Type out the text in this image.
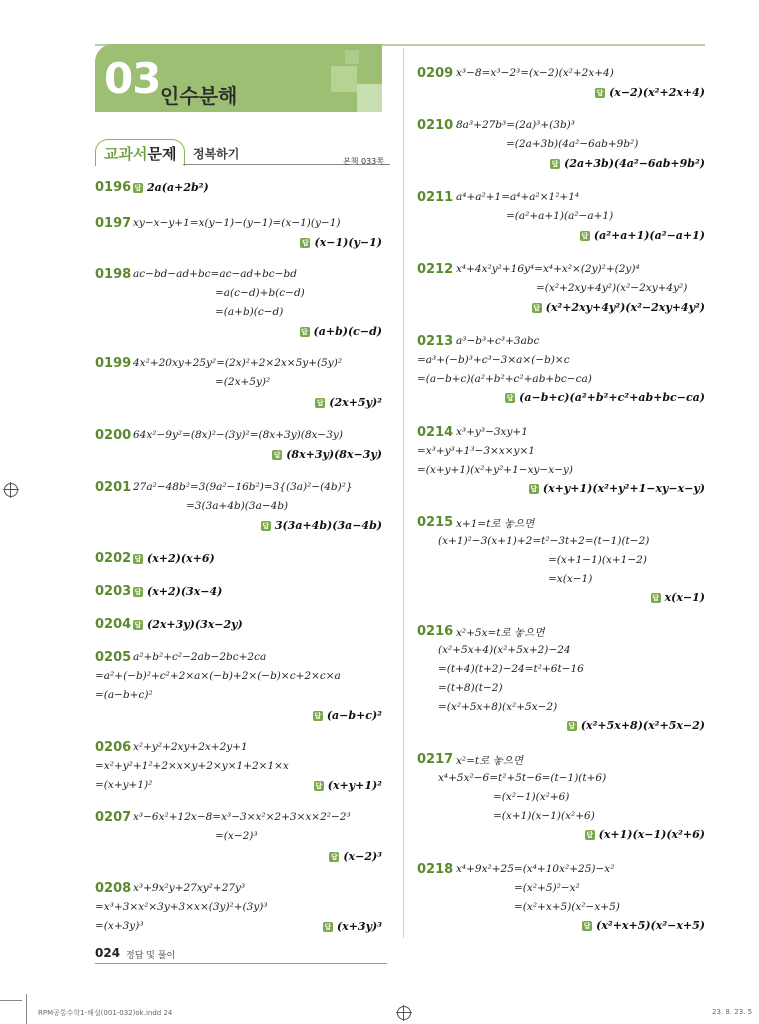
03 인수분해
교과서문제 정복하기
본책 033쪽
0196 답 2a(a+2b²)
0197 xy−x−y+1=x(y−1)−(y−1)=(x−1)(y−1)
답 (x−1)(y−1)
0198 ac−bd−ad+bc=ac−ad+bc−bd
=a(c−d)+b(c−d)
=(a+b)(c−d)
답 (a+b)(c−d)
0199 4x²+20xy+25y²=(2x)²+2×2x×5y+(5y)²
=(2x+5y)²
답 (2x+5y)²
0200 64x²−9y²=(8x)²−(3y)²=(8x+3y)(8x−3y)
답 (8x+3y)(8x−3y)
0201 27a²−48b²=3(9a²−16b²)=3{(3a)²−(4b)²}
=3(3a+4b)(3a−4b)
답 3(3a+4b)(3a−4b)
0202 답 (x+2)(x+6)
0203 답 (x+2)(3x−4)
0204 답 (2x+3y)(3x−2y)
0205 a²+b²+c²−2ab−2bc+2ca
=a²+(−b)²+c²+2×a×(−b)+2×(−b)×c+2×c×a
=(a−b+c)²
답 (a−b+c)²
0206 x²+y²+2xy+2x+2y+1
=x²+y²+1²+2×x×y+2×y×1+2×1×x
=(x+y+1)²	답 (x+y+1)²
0207 x³−6x²+12x−8=x³−3×x²×2+3×x×2²−2³
=(x−2)³
답 (x−2)³
0208 x³+9x²y+27xy²+27y³
=x³+3×x²×3y+3×x×(3y)²+(3y)³
=(x+3y)³	답 (x+3y)³
0209 x³−8=x³−2³=(x−2)(x²+2x+4)
답 (x−2)(x²+2x+4)
0210 8a³+27b³=(2a)³+(3b)³
=(2a+3b)(4a²−6ab+9b²)
답 (2a+3b)(4a²−6ab+9b²)
0211 a⁴+a²+1=a⁴+a²×1²+1⁴
=(a²+a+1)(a²−a+1)
답 (a²+a+1)(a²−a+1)
0212 x⁴+4x²y²+16y⁴=x⁴+x²×(2y)²+(2y)⁴
=(x²+2xy+4y²)(x²−2xy+4y²)
답 (x²+2xy+4y²)(x²−2xy+4y²)
0213 a³−b³+c³+3abc
=a³+(−b)³+c³−3×a×(−b)×c
=(a−b+c)(a²+b²+c²+ab+bc−ca)
답 (a−b+c)(a²+b²+c²+ab+bc−ca)
0214 x³+y³−3xy+1
=x³+y³+1³−3×x×y×1
=(x+y+1)(x²+y²+1−xy−x−y)
답 (x+y+1)(x²+y²+1−xy−x−y)
0215 x+1=t로 놓으면
(x+1)²−3(x+1)+2=t²−3t+2=(t−1)(t−2)
=(x+1−1)(x+1−2)
=x(x−1)
답 x(x−1)
0216 x²+5x=t로 놓으면
(x²+5x+4)(x²+5x+2)−24
=(t+4)(t+2)−24=t²+6t−16
=(t+8)(t−2)
=(x²+5x+8)(x²+5x−2)
답 (x²+5x+8)(x²+5x−2)
0217 x²=t로 놓으면
x⁴+5x²−6=t²+5t−6=(t−1)(t+6)
=(x²−1)(x²+6)
=(x+1)(x−1)(x²+6)
답 (x+1)(x−1)(x²+6)
0218 x⁴+9x²+25=(x⁴+10x²+25)−x²
=(x²+5)²−x²
=(x²+x+5)(x²−x+5)
답 (x²+x+5)(x²−x+5)
024 정답 및 풀이
RPM공통수학1-해설(001-032)ok.indd 24	23. 8. 23. 5
